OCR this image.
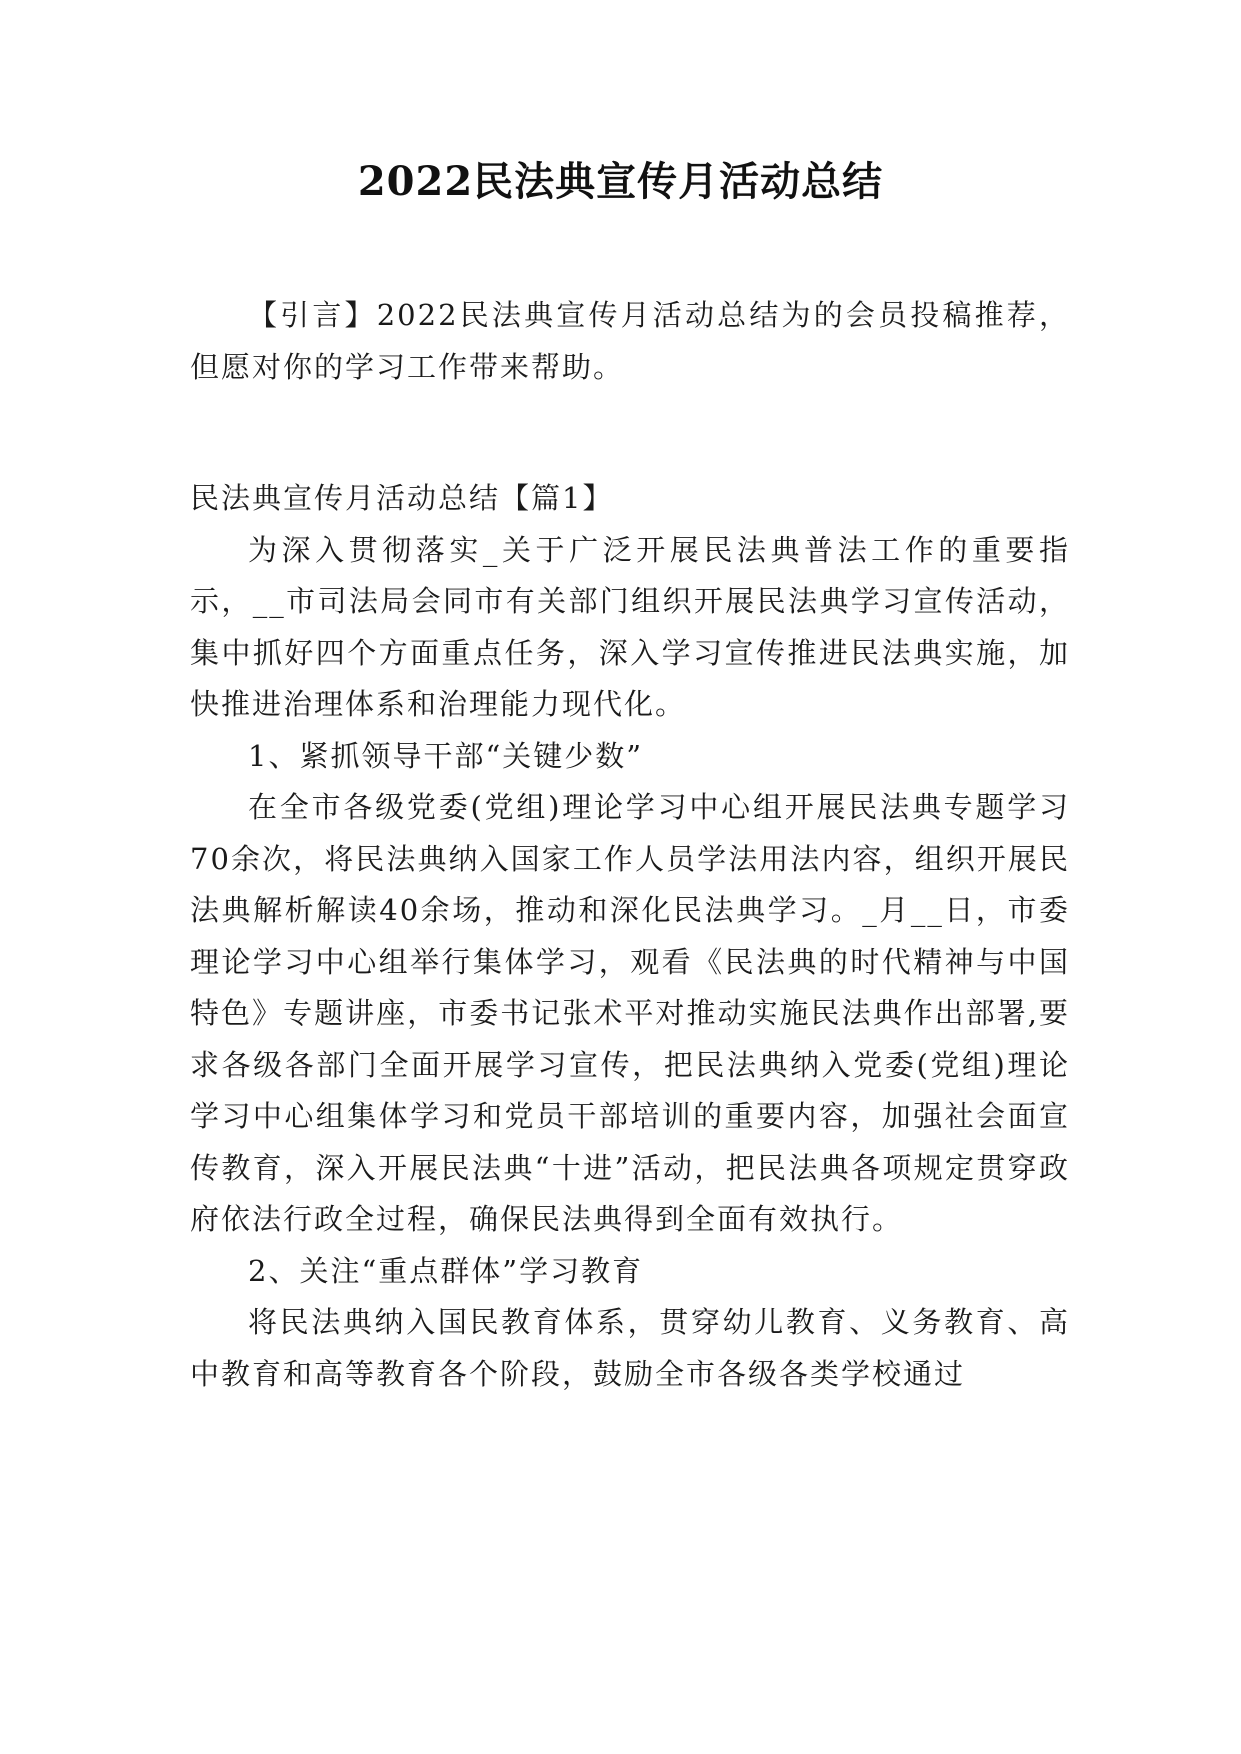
2022民法典宣传月活动总结

【引言】2022民法典宣传月活动总结为的会员投稿推荐，但愿对你的学习工作带来帮助。

民法典宣传月活动总结【篇1】

为深入贯彻落实_关于广泛开展民法典普法工作的重要指示，__市司法局会同市有关部门组织开展民法典学习宣传活动，集中抓好四个方面重点任务，深入学习宣传推进民法典实施，加快推进治理体系和治理能力现代化。

1、紧抓领导干部“关键少数”

在全市各级党委(党组)理论学习中心组开展民法典专题学习70余次，将民法典纳入国家工作人员学法用法内容，组织开展民法典解析解读40余场，推动和深化民法典学习。_月__日，市委理论学习中心组举行集体学习，观看《民法典的时代精神与中国特色》专题讲座，市委书记张术平对推动实施民法典作出部署,要求各级各部门全面开展学习宣传，把民法典纳入党委(党组)理论学习中心组集体学习和党员干部培训的重要内容，加强社会面宣传教育，深入开展民法典“十进”活动，把民法典各项规定贯穿政府依法行政全过程，确保民法典得到全面有效执行。

2、关注“重点群体”学习教育

将民法典纳入国民教育体系，贯穿幼儿教育、义务教育、高中教育和高等教育各个阶段，鼓励全市各级各类学校通过
